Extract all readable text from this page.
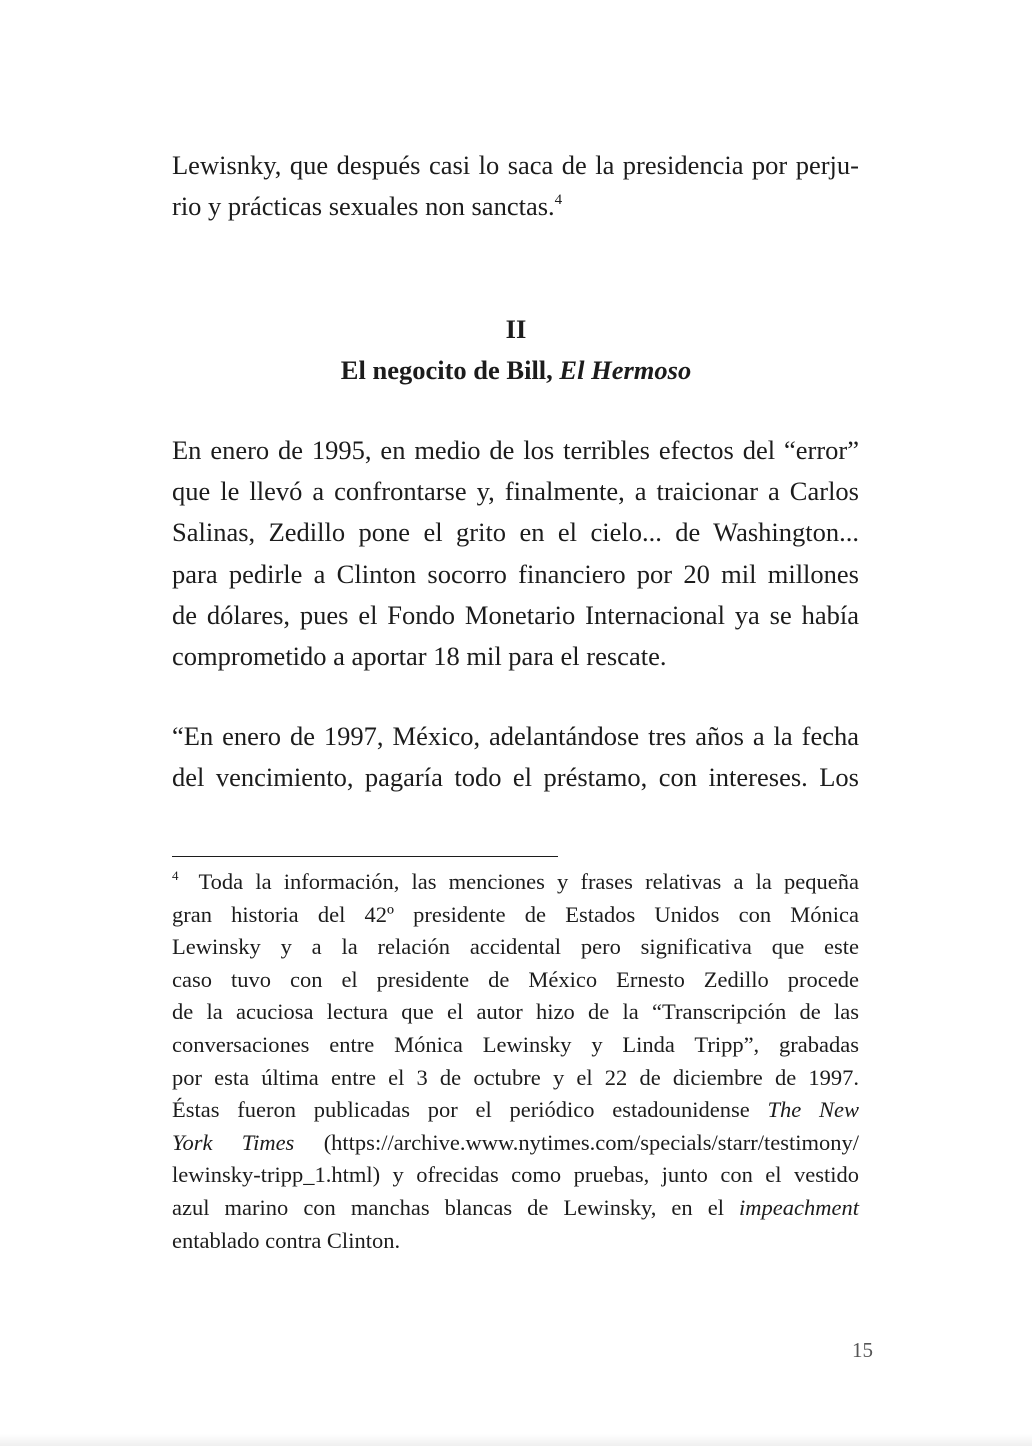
Lewisnky, que después casi lo saca de la presidencia por perju-
rio y prácticas sexuales non sanctas.$^4$
II
El negocito de Bill, El Hermoso
En enero de 1995, en medio de los terribles efectos del “error”
que le llevó a confrontarse y, finalmente, a traicionar a Carlos
Salinas, Zedillo pone el grito en el cielo... de Washington...
para pedirle a Clinton socorro financiero por 20 mil millones
de dólares, pues el Fondo Monetario Internacional ya se había
comprometido a aportar 18 mil para el rescate.
“En enero de 1997, México, adelantándose tres años a la fecha
del vencimiento, pagaría todo el préstamo, con intereses. Los
$^4$ Toda la información, las menciones y frases relativas a la pequeña
gran historia del 42º presidente de Estados Unidos con Mónica
Lewinsky y a la relación accidental pero significativa que este
caso tuvo con el presidente de México Ernesto Zedillo procede
de la acuciosa lectura que el autor hizo de la “Transcripción de las
conversaciones entre Mónica Lewinsky y Linda Tripp”, grabadas
por esta última entre el 3 de octubre y el 22 de diciembre de 1997.
Éstas fueron publicadas por el periódico estadounidense The New
York Times (https://archive.www.nytimes.com/specials/starr/testimony/
lewinsky-tripp_1.html) y ofrecidas como pruebas, junto con el vestido
azul marino con manchas blancas de Lewinsky, en el impeachment
entablado contra Clinton.
15
